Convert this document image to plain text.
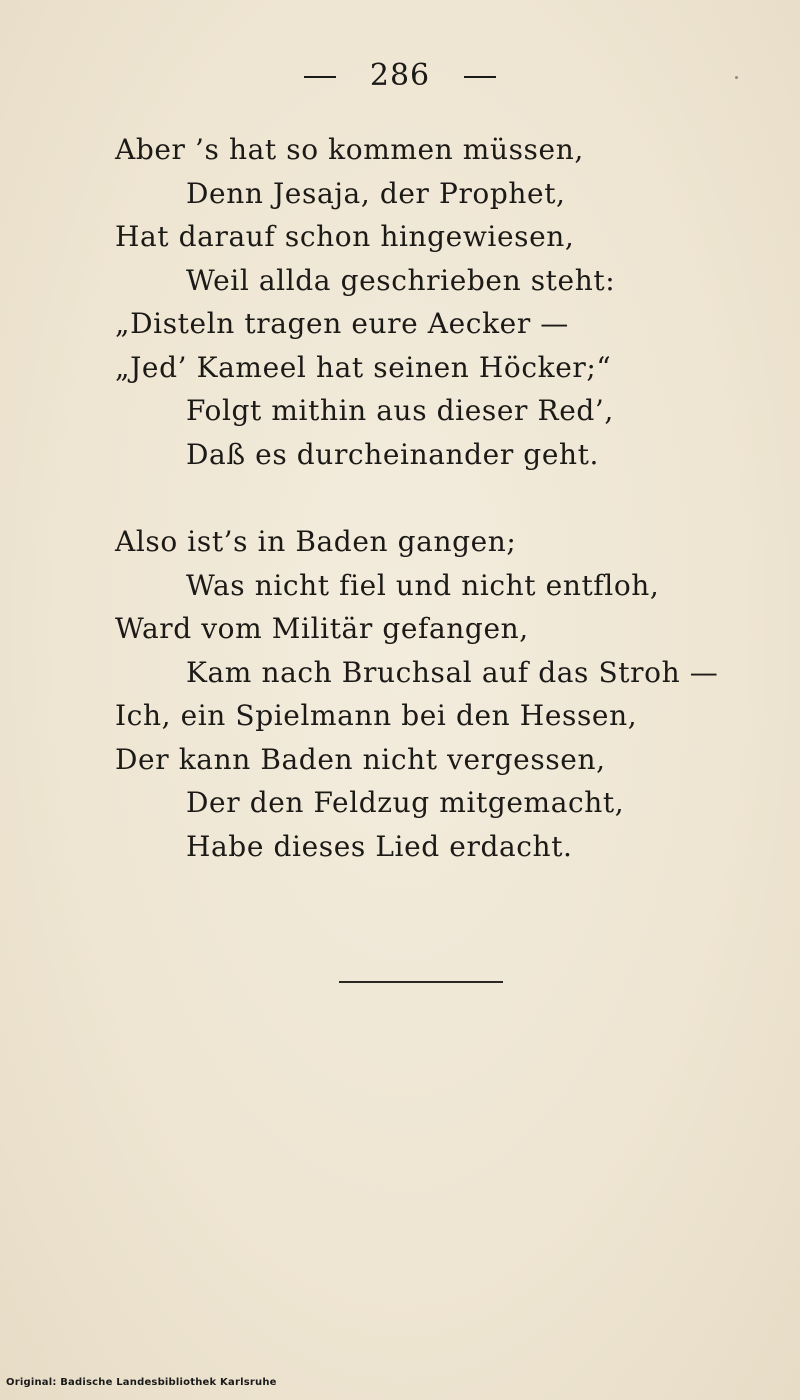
286
Aber ’s hat so kommen müssen,
Denn Jesaja, der Prophet,
Hat darauf schon hingewiesen,
Weil allda geschrieben steht:
„Disteln tragen eure Aecker —
„Jed’ Kameel hat seinen Höcker;“
Folgt mithin aus dieser Red’,
Daß es durcheinander geht.
Also ist’s in Baden gangen;
Was nicht fiel und nicht entfloh,
Ward vom Militär gefangen,
Kam nach Bruchsal auf das Stroh —
Ich, ein Spielmann bei den Hessen,
Der kann Baden nicht vergessen,
Der den Feldzug mitgemacht,
Habe dieses Lied erdacht.
Original: Badische Landesbibliothek Karlsruhe
